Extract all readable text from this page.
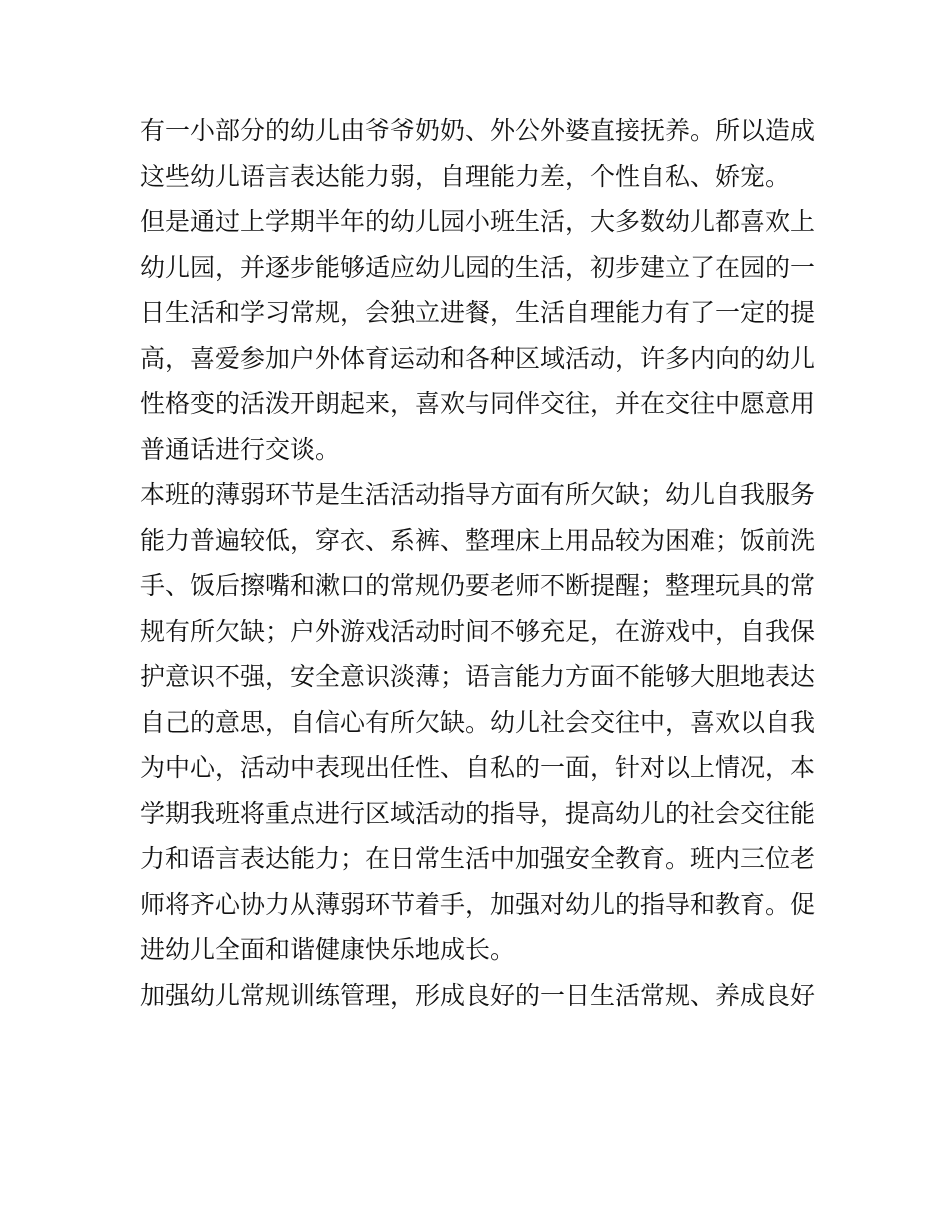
有一小部分的幼儿由爷爷奶奶、外公外婆直接抚养。所以造成
这些幼儿语言表达能力弱，自理能力差，个性自私、娇宠。
但是通过上学期半年的幼儿园小班生活，大多数幼儿都喜欢上
幼儿园，并逐步能够适应幼儿园的生活，初步建立了在园的一
日生活和学习常规，会独立进餐，生活自理能力有了一定的提
高，喜爱参加户外体育运动和各种区域活动，许多内向的幼儿
性格变的活泼开朗起来，喜欢与同伴交往，并在交往中愿意用
普通话进行交谈。
本班的薄弱环节是生活活动指导方面有所欠缺；幼儿自我服务
能力普遍较低，穿衣、系裤、整理床上用品较为困难；饭前洗
手、饭后擦嘴和漱口的常规仍要老师不断提醒；整理玩具的常
规有所欠缺；户外游戏活动时间不够充足，在游戏中，自我保
护意识不强，安全意识淡薄；语言能力方面不能够大胆地表达
自己的意思，自信心有所欠缺。幼儿社会交往中，喜欢以自我
为中心，活动中表现出任性、自私的一面，针对以上情况，本
学期我班将重点进行区域活动的指导，提高幼儿的社会交往能
力和语言表达能力；在日常生活中加强安全教育。班内三位老
师将齐心协力从薄弱环节着手，加强对幼儿的指导和教育。促
进幼儿全面和谐健康快乐地成长。
加强幼儿常规训练管理，形成良好的一日生活常规、养成良好
